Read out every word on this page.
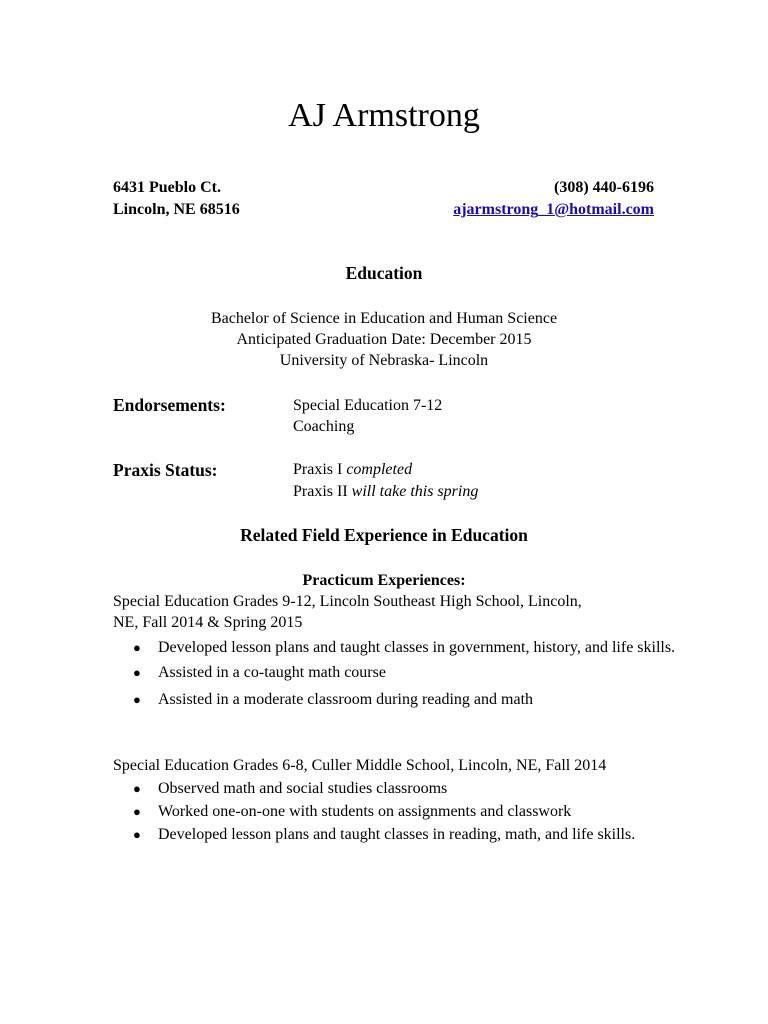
AJ Armstrong
6431 Pueblo Ct.
Lincoln, NE 68516
(308) 440-6196
ajarmstrong_1@hotmail.com
Education
Bachelor of Science in Education and Human Science
Anticipated Graduation Date: December 2015
University of Nebraska- Lincoln
Endorsements:	Special Education 7-12
Coaching
Praxis Status:	Praxis I completed
Praxis II will take this spring
Related Field Experience in Education
Practicum Experiences:
Special Education Grades 9-12, Lincoln Southeast High School, Lincoln,
NE, Fall 2014 & Spring 2015
● Developed lesson plans and taught classes in government, history, and life skills.
● Assisted in a co-taught math course
● Assisted in a moderate classroom during reading and math
Special Education Grades 6-8, Culler Middle School, Lincoln, NE, Fall 2014
● Observed math and social studies classrooms
● Worked one-on-one with students on assignments and classwork
● Developed lesson plans and taught classes in reading, math, and life skills.
